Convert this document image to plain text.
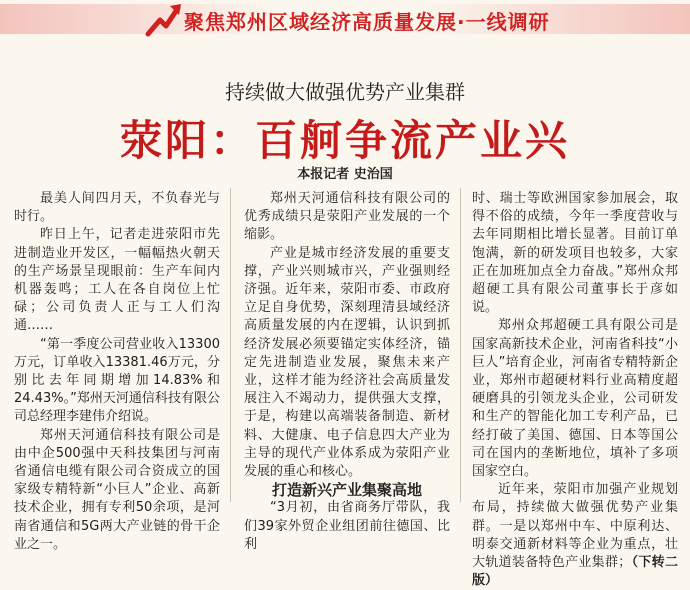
聚焦郑州区域经济高质量发展·一线调研
持续做大做强优势产业集群
荥阳：百舸争流产业兴
本报记者 史治国

最美人间四月天，不负春光与时行。

昨日上午，记者走进荥阳市先进制造业开发区，一幅幅热火朝天的生产场景呈现眼前：生产车间内机器轰鸣；工人在各自岗位上忙碌；公司负责人正与工人们沟通……

“第一季度公司营业收入13300万元，订单收入13381.46万元，分别比去年同期增加14.83%和24.43%。”郑州天河通信科技有限公司总经理李建伟介绍说。

郑州天河通信科技有限公司是由中企500强中天科技集团与河南省通信电缆有限公司合资成立的国家级专精特新“小巨人”企业、高新技术企业，拥有专利50余项，是河南省通信和5G两大产业链的骨干企业之一。

郑州天河通信科技有限公司的优秀成绩只是荥阳产业发展的一个缩影。

产业是城市经济发展的重要支撑，产业兴则城市兴，产业强则经济强。近年来，荥阳市委、市政府立足自身优势，深刻理清县域经济高质量发展的内在逻辑，认识到抓经济发展必须要锚定实体经济，锚定先进制造业发展，聚焦未来产业，这样才能为经济社会高质量发展注入不竭动力，提供强大支撑，于是，构建以高端装备制造、新材料、大健康、电子信息四大产业为主导的现代产业体系成为荥阳产业发展的重心和核心。

打造新兴产业集聚高地

“3月初，由省商务厅带队，我们39家外贸企业组团前往德国、比利

时、瑞士等欧洲国家参加展会，取得不俗的成绩，今年一季度营收与去年同期相比增长显著。目前订单饱满，新的研发项目也较多，大家正在加班加点全力奋战。”郑州众邦超硬工具有限公司董事长于彦如说。

郑州众邦超硬工具有限公司是国家高新技术企业，河南省科技“小巨人”培育企业，河南省专精特新企业，郑州市超硬材料行业高精度超硬磨具的引领龙头企业，公司研发和生产的智能化加工专利产品，已经打破了美国、德国、日本等国公司在国内的垄断地位，填补了多项国家空白。

近年来，荥阳市加强产业规划布局，持续做大做强优势产业集群。一是以郑州中车、中原利达、明泰交通新材料等企业为重点，壮大轨道装备特色产业集群；（下转二版）
